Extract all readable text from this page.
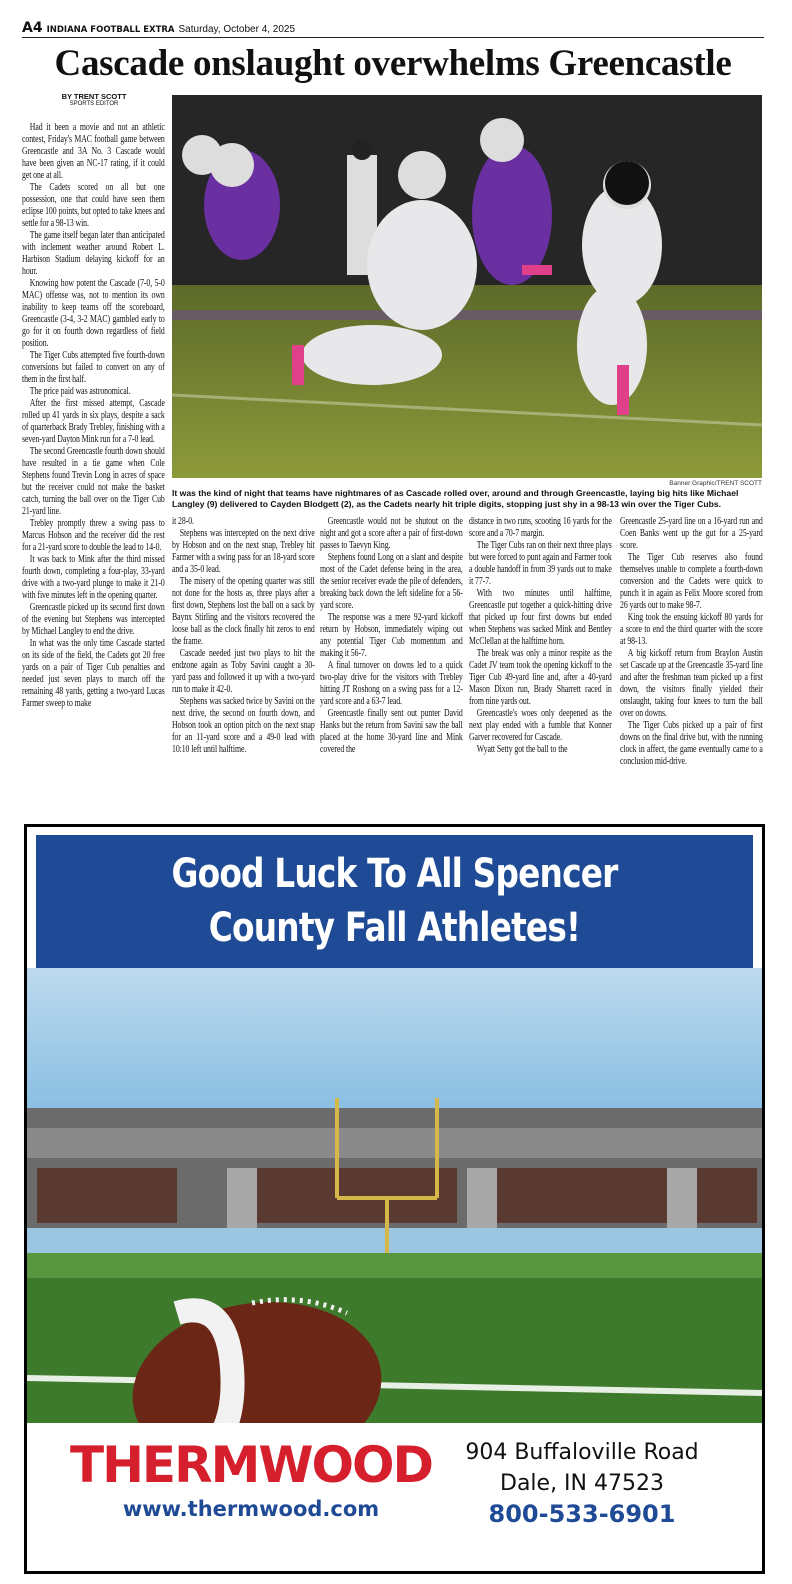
A4 INDIANA FOOTBALL EXTRA Saturday, October 4, 2025
Cascade onslaught overwhelms Greencastle
BY TRENT SCOTT
SPORTS EDITOR

Had it been a movie and not an athletic contest, Friday's MAC football game between Greencastle and 3A No. 3 Cascade would have been given an NC-17 rating, if it could get one at all.

The Cadets scored on all but one possession, one that could have seen them eclipse 100 points, but opted to take knees and settle for a 98-13 win.

The game itself began later than anticipated with inclement weather around Robert L. Harbison Stadium delaying kickoff for an hour.

Knowing how potent the Cascade (7-0, 5-0 MAC) offense was, not to mention its own inability to keep teams off the scoreboard, Greencastle (3-4, 3-2 MAC) gambled early to go for it on fourth down regardless of field position.

The Tiger Cubs attempted five fourth-down conversions but failed to convert on any of them in the first half.

The price paid was astronomical.

After the first missed attempt, Cascade rolled up 41 yards in six plays, despite a sack of quarterback Brady Trebley, finishing with a seven-yard Dayton Mink run for a 7-0 lead.

The second Greencastle fourth down should have resulted in a tie game when Cole Stephens found Trevin Long in acres of space but the receiver could not make the basket catch, turning the ball over on the Tiger Cub 21-yard line.

Trebley promptly threw a swing pass to Marcus Hobson and the receiver did the rest for a 21-yard score to double the lead to 14-0.

It was back to Mink after the third missed fourth down, completing a four-play, 33-yard drive with a two-yard plunge to make it 21-0 with five minutes left in the opening quarter.

Greencastle picked up its second first down of the evening but Stephens was intercepted by Michael Langley to end the drive.

In what was the only time Cascade started on its side of the field, the Cadets got 20 free yards on a pair of Tiger Cub penalties and needed just seven plays to march off the remaining 48 yards, getting a two-yard Lucas Farmer sweep to make

Banner Graphic/TRENT SCOTT
It was the kind of night that teams have nightmares of as Cascade rolled over, around and through Greencastle, laying big hits like Michael Langley (9) delivered to Cayden Blodgett (2), as the Cadets nearly hit triple digits, stopping just shy in a 98-13 win over the Tiger Cubs.

it 28-0.

Stephens was intercepted on the next drive by Hobson and on the next snap, Trebley hit Farmer with a swing pass for an 18-yard score and a 35-0 lead.

The misery of the opening quarter was still not done for the hosts as, three plays after a first down, Stephens lost the ball on a sack by Baynx Stirling and the visitors recovered the loose ball as the clock finally hit zeros to end the frame.

Cascade needed just two plays to hit the endzone again as Toby Savini caught a 30-yard pass and followed it up with a two-yard run to make it 42-0.

Stephens was sacked twice by Savini on the next drive, the second on fourth down, and Hobson took an option pitch on the next snap for an 11-yard score and a 49-0 lead with 10:10 left until halftime.

Greencastle would not be shutout on the night and got a score after a pair of first-down passes to Taevyn King.

Stephens found Long on a slant and despite most of the Cadet defense being in the area, the senior receiver evade the pile of defenders, breaking back down the left sideline for a 56-yard score.

The response was a mere 92-yard kickoff return by Hobson, immediately wiping out any potential Tiger Cub momentum and making it 56-7.

A final turnover on downs led to a quick two-play drive for the visitors with Trebley hitting JT Roshong on a swing pass for a 12-yard score and a 63-7 lead.

Greencastle finally sent out punter David Hanks but the return from Savini saw the ball placed at the home 30-yard line and Mink covered the

distance in two runs, scooting 16 yards for the score and a 70-7 margin.

The Tiger Cubs ran on their next three plays but were forced to punt again and Farmer took a double handoff in from 39 yards out to make it 77-7.

With two minutes until halftime, Greencastle put together a quick-hitting drive that picked up four first downs but ended when Stephens was sacked Mink and Bentley McClellan at the halftime horn.

The break was only a minor respite as the Cadet JV team took the opening kickoff to the Tiger Cub 49-yard line and, after a 40-yard Mason Dixon run, Brady Sharrett raced in from nine yards out.

Greencastle's woes only deepened as the next play ended with a fumble that Konner Garver recovered for Cascade.

Wyatt Setty got the ball to the

Greencastle 25-yard line on a 16-yard run and Coen Banks went up the gut for a 25-yard score.

The Tiger Cub reserves also found themselves unable to complete a fourth-down conversion and the Cadets were quick to punch it in again as Felix Moore scored from 26 yards out to make 98-7.

King took the ensuing kickoff 80 yards for a score to end the third quarter with the score at 98-13.

A big kickoff return from Braylon Austin set Cascade up at the Greencastle 35-yard line and after the freshman team picked up a first down, the visitors finally yielded their onslaught, taking four knees to turn the ball over on downs.

The Tiger Cubs picked up a pair of first downs on the final drive but, with the running clock in affect, the game eventually came to a conclusion mid-drive.

Good Luck To All Spencer
County Fall Athletes!
THERMWOOD
www.thermwood.com
904 Buffaloville Road
Dale, IN 47523
800-533-6901
